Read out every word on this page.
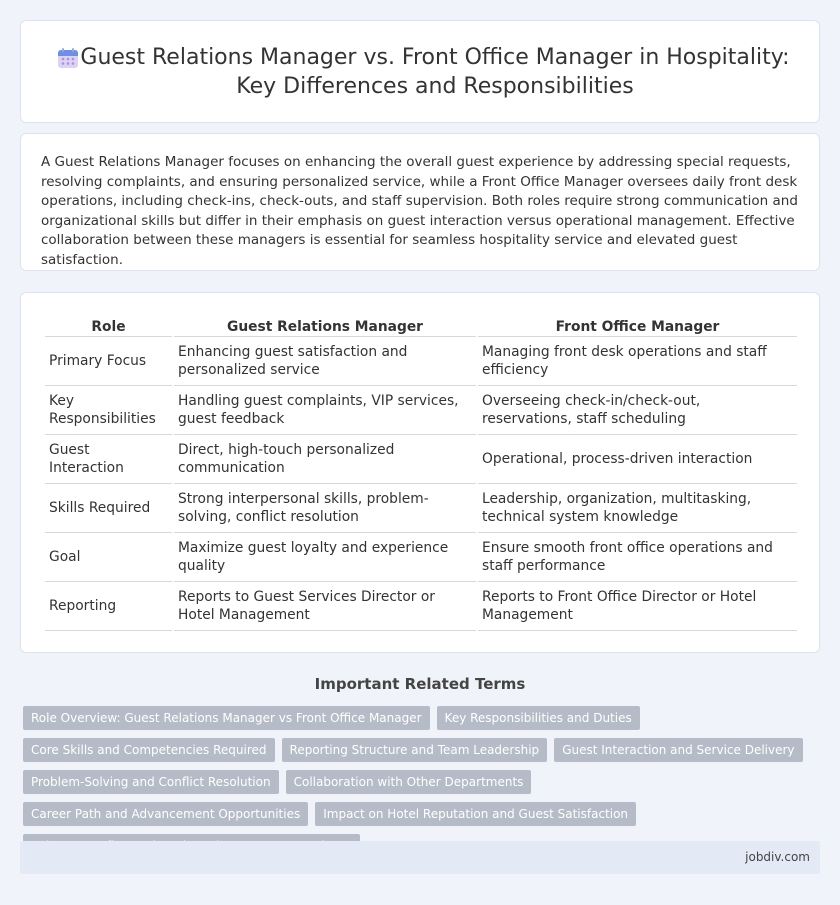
Guest Relations Manager vs. Front Office Manager in Hospitality: Key Differences and Responsibilities

A Guest Relations Manager focuses on enhancing the overall guest experience by addressing special requests, resolving complaints, and ensuring personalized service, while a Front Office Manager oversees daily front desk operations, including check-ins, check-outs, and staff supervision. Both roles require strong communication and organizational skills but differ in their emphasis on guest interaction versus operational management. Effective collaboration between these managers is essential for seamless hospitality service and elevated guest satisfaction.

Role	Guest Relations Manager	Front Office Manager
Primary Focus	Enhancing guest satisfaction and personalized service	Managing front desk operations and staff efficiency
Key Responsibilities	Handling guest complaints, VIP services, guest feedback	Overseeing check-in/check-out, reservations, staff scheduling
Guest Interaction	Direct, high-touch personalized communication	Operational, process-driven interaction
Skills Required	Strong interpersonal skills, problem-solving, conflict resolution	Leadership, organization, multitasking, technical system knowledge
Goal	Maximize guest loyalty and experience quality	Ensure smooth front office operations and staff performance
Reporting	Reports to Guest Services Director or Hotel Management	Reports to Front Office Director or Hotel Management
Important Related Terms
Role Overview: Guest Relations Manager vs Front Office Manager	Key Responsibilities and Duties
Core Skills and Competencies Required	Reporting Structure and Team Leadership	Guest Interaction and Service Delivery
Problem-Solving and Conflict Resolution	Collaboration with Other Departments
Career Path and Advancement Opportunities	Impact on Hotel Reputation and Guest Satisfaction
jobdiv.com
